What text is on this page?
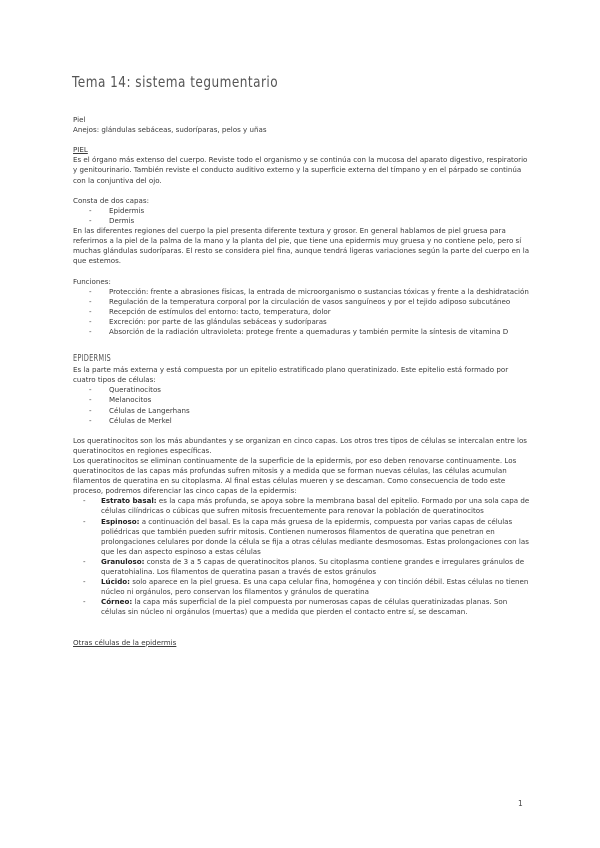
Tema 14: sistema tegumentario

Piel

Anejos: glándulas sebáceas, sudoríparas, pelos y uñas

PIEL

Es el órgano más extenso del cuerpo. Reviste todo el organismo y se continúa con la mucosa del aparato digestivo, respiratorio y genitourinario. También reviste el conducto auditivo externo y la superficie externa del tímpano y en el párpado se continúa con la conjuntiva del ojo.

Consta de dos capas:

- Epidermis
- Dermis

En las diferentes regiones del cuerpo la piel presenta diferente textura y grosor. En general hablamos de piel gruesa para referirnos a la piel de la palma de la mano y la planta del pie, que tiene una epidermis muy gruesa y no contiene pelo, pero sí muchas glándulas sudoríparas. El resto se considera piel fina, aunque tendrá ligeras variaciones según la parte del cuerpo en la que estemos.

Funciones:

- Protección: frente a abrasiones físicas, la entrada de microorganismo o sustancias tóxicas y frente a la deshidratación
- Regulación de la temperatura corporal por la circulación de vasos sanguíneos y por el tejido adiposo subcutáneo
- Recepción de estímulos del entorno: tacto, temperatura, dolor
- Excreción: por parte de las glándulas sebáceas y sudoríparas
- Absorción de la radiación ultravioleta: protege frente a quemaduras y también permite la síntesis de vitamina D
EPIDERMIS

Es la parte más externa y está compuesta por un epitelio estratificado plano queratinizado. Este epitelio está formado por cuatro tipos de células:

- Queratinocitos
- Melanocitos
- Células de Langerhans
- Células de Merkel

Los queratinocitos son los más abundantes y se organizan en cinco capas. Los otros tres tipos de células se intercalan entre los queratinocitos en regiones específicas.

Los queratinocitos se eliminan continuamente de la superficie de la epidermis, por eso deben renovarse continuamente. Los queratinocitos de las capas más profundas sufren mitosis y a medida que se forman nuevas células, las células acumulan filamentos de queratina en su citoplasma. Al final estas células mueren y se descaman. Como consecuencia de todo este proceso, podremos diferenciar las cinco capas de la epidermis:

- Estrato basal: es la capa más profunda, se apoya sobre la membrana basal del epitelio. Formado por una sola capa de células cilíndricas o cúbicas que sufren mitosis frecuentemente para renovar la población de queratinocitos
- Espinoso: a continuación del basal. Es la capa más gruesa de la epidermis, compuesta por varias capas de células poliédricas que también pueden sufrir mitosis. Contienen numerosos filamentos de queratina que penetran en prolongaciones celulares por donde la célula se fija a otras células mediante desmosomas. Estas prolongaciones con las que les dan aspecto espinoso a estas células
- Granuloso: consta de 3 a 5 capas de queratinocitos planos. Su citoplasma contiene grandes e irregulares gránulos de queratohialina. Los filamentos de queratina pasan a través de estos gránulos
- Lúcido: solo aparece en la piel gruesa. Es una capa celular fina, homogénea y con tinción débil. Estas células no tienen núcleo ni orgánulos, pero conservan los filamentos y gránulos de queratina
- Córneo: la capa más superficial de la piel compuesta por numerosas capas de células queratinizadas planas. Son células sin núcleo ni orgánulos (muertas) que a medida que pierden el contacto entre sí, se descaman.

Otras células de la epidermis

1
